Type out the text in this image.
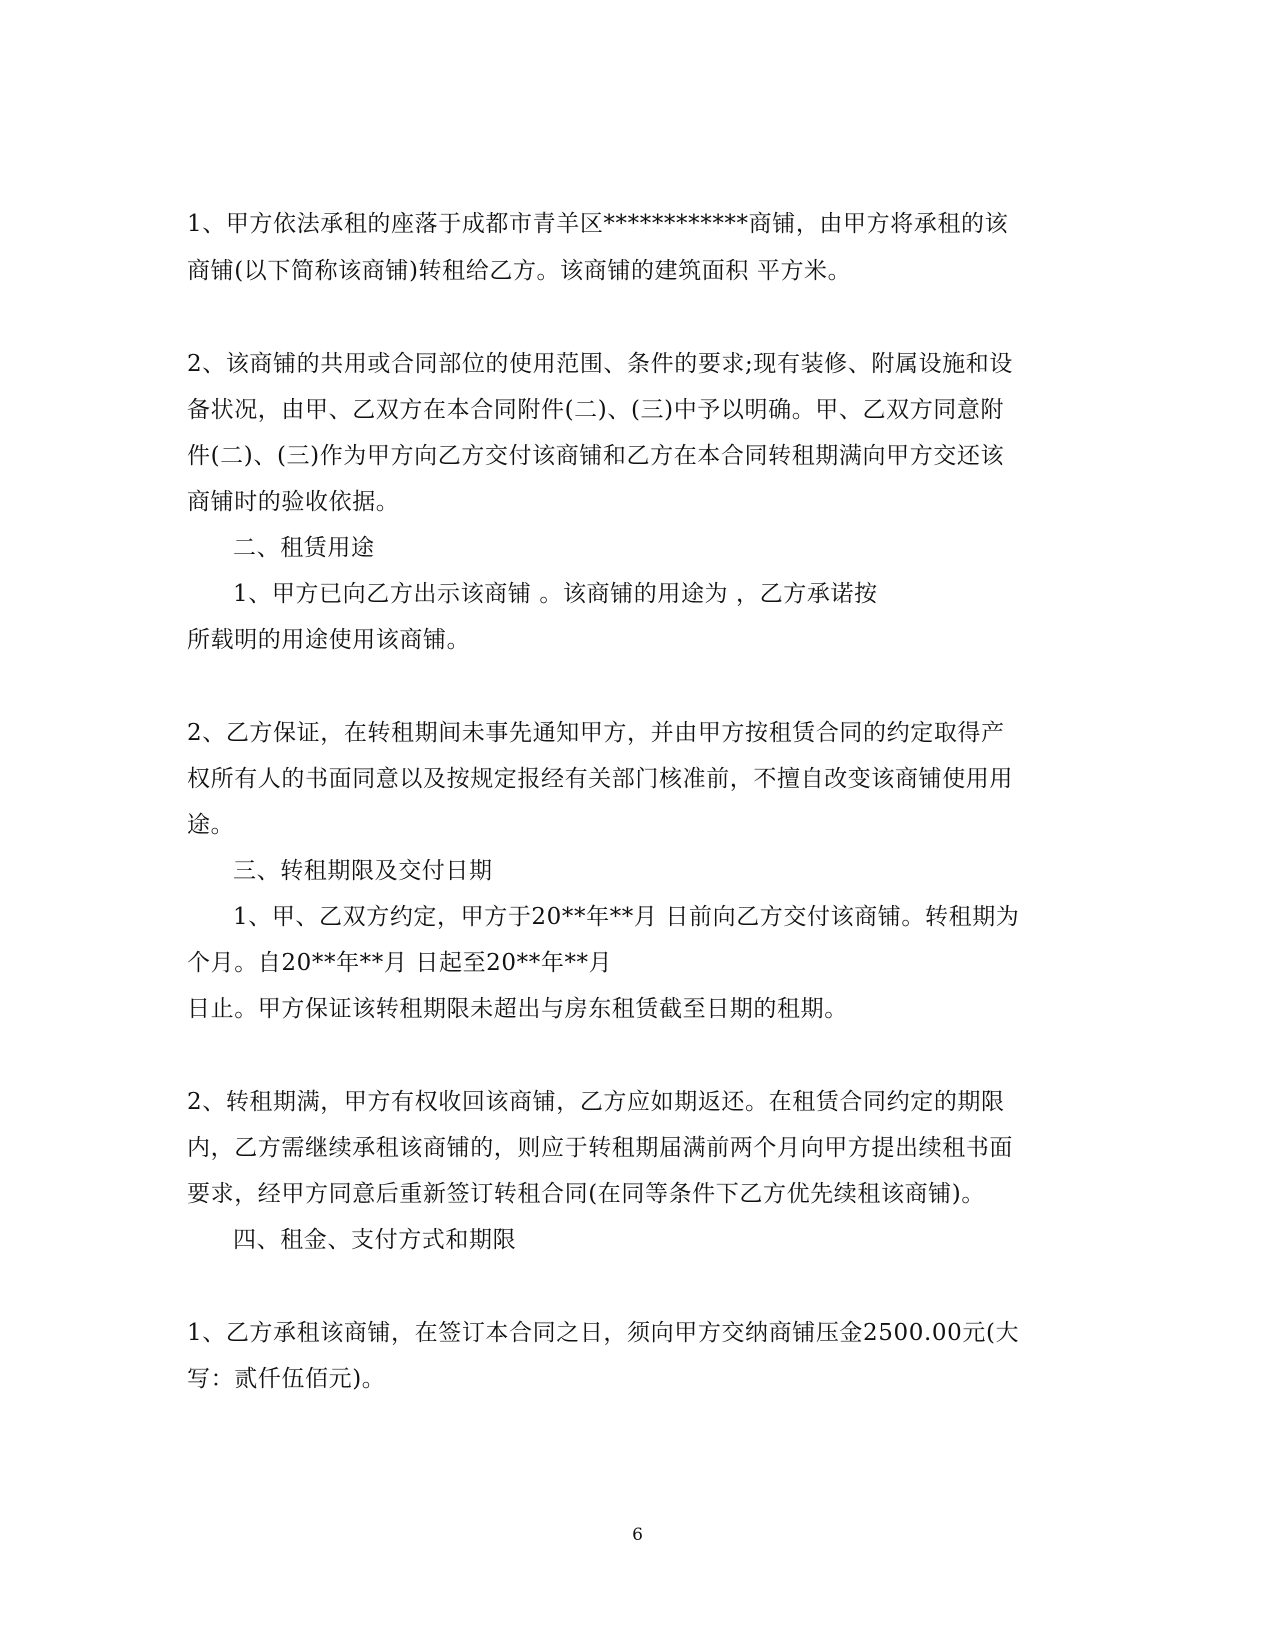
1、甲方依法承租的座落于成都市青羊区************商铺，由甲方将承租的该
商铺(以下简称该商铺)转租给乙方。该商铺的建筑面积 平方米。
2、该商铺的共用或合同部位的使用范围、条件的要求;现有装修、附属设施和设
备状况，由甲、乙双方在本合同附件(二)、(三)中予以明确。甲、乙双方同意附
件(二)、(三)作为甲方向乙方交付该商铺和乙方在本合同转租期满向甲方交还该
商铺时的验收依据。
二、租赁用途
1、甲方已向乙方出示该商铺 。该商铺的用途为 ，乙方承诺按
所载明的用途使用该商铺。
2、乙方保证，在转租期间未事先通知甲方，并由甲方按租赁合同的约定取得产
权所有人的书面同意以及按规定报经有关部门核准前，不擅自改变该商铺使用用
途。
三、转租期限及交付日期
1、甲、乙双方约定，甲方于20**年**月 日前向乙方交付该商铺。转租期为
个月。自20**年**月 日起至20**年**月
日止。甲方保证该转租期限未超出与房东租赁截至日期的租期。
2、转租期满，甲方有权收回该商铺，乙方应如期返还。在租赁合同约定的期限
内，乙方需继续承租该商铺的，则应于转租期届满前两个月向甲方提出续租书面
要求，经甲方同意后重新签订转租合同(在同等条件下乙方优先续租该商铺)。
四、租金、支付方式和期限
1、乙方承租该商铺，在签订本合同之日，须向甲方交纳商铺压金2500.00元(大
写：贰仟伍佰元)。
6
